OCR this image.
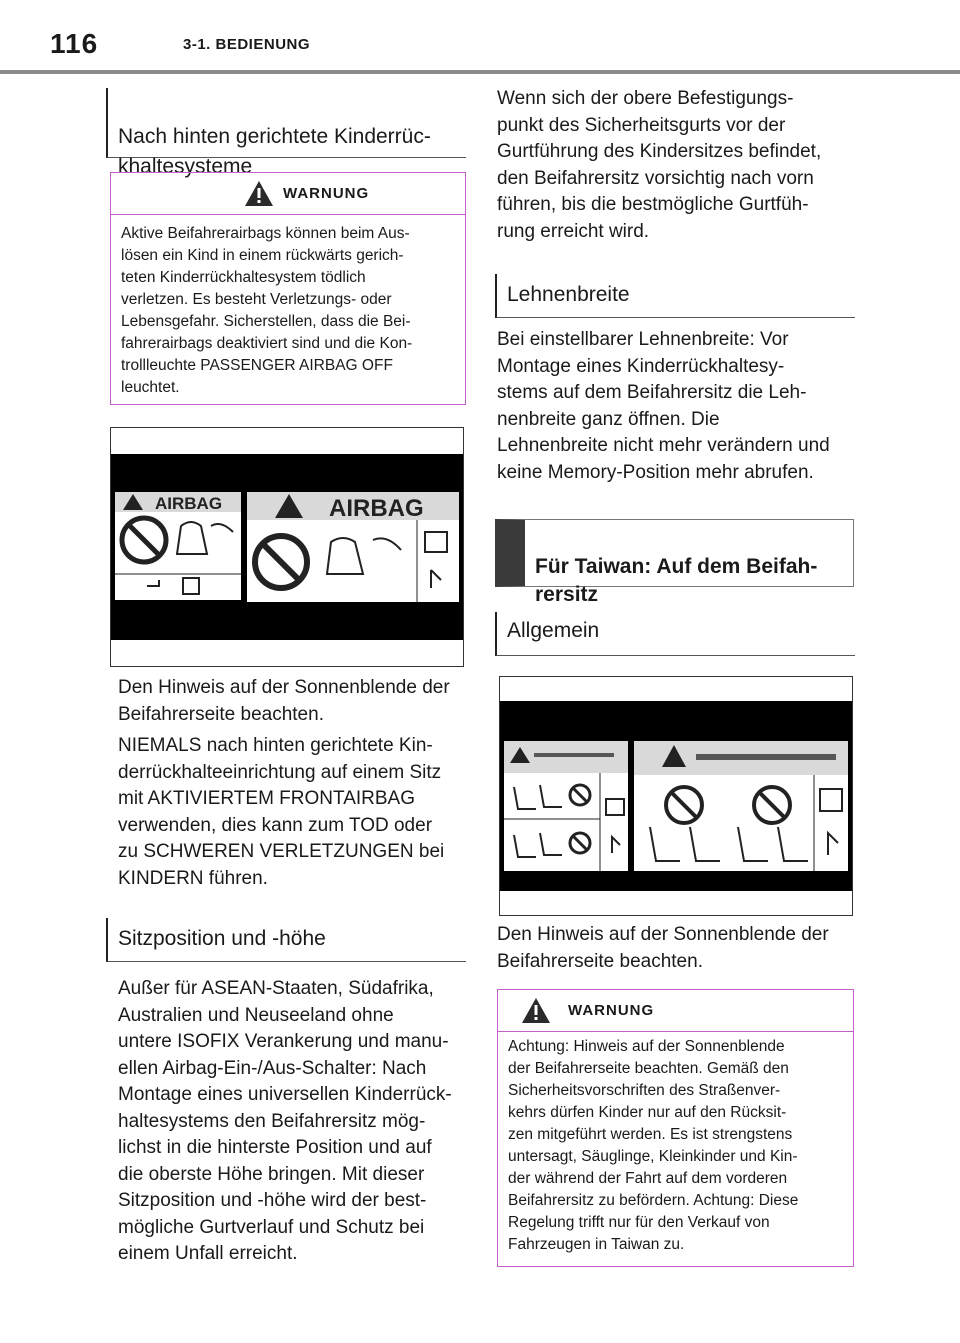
116	3-1. BEDIENUNG

Nach hinten gerichtete Kinderrüc-
khaltesysteme

WARNUNG
Aktive Beifahrerairbags können beim Aus-
lösen ein Kind in einem rückwärts gerich-
teten Kinderrückhaltesystem tödlich
verletzen. Es besteht Verletzungs- oder
Lebensgefahr. Sicherstellen, dass die Bei-
fahrerairbags deaktiviert sind und die Kon-
trollleuchte PASSENGER AIRBAG OFF
leuchtet.
AIRBAG	AIRBAG
Den Hinweis auf der Sonnenblende der
Beifahrerseite beachten.
NIEMALS nach hinten gerichtete Kin-
derrückhalteeinrichtung auf einem Sitz
mit AKTIVIERTEM FRONTAIRBAG
verwenden, dies kann zum TOD oder
zu SCHWEREN VERLETZUNGEN bei
KINDERN führen.
Sitzposition und -höhe
Außer für ASEAN-Staaten, Südafrika,
Australien und Neuseeland ohne
untere ISOFIX Verankerung und manu-
ellen Airbag-Ein-/Aus-Schalter: Nach
Montage eines universellen Kinderrück-
haltesystems den Beifahrersitz mög-
lichst in die hinterste Position und auf
die oberste Höhe bringen. Mit dieser
Sitzposition und -höhe wird der best-
mögliche Gurtverlauf und Schutz bei
einem Unfall erreicht.
Wenn sich der obere Befestigungs-
punkt des Sicherheitsgurts vor der
Gurtführung des Kindersitzes befindet,
den Beifahrersitz vorsichtig nach vorn
führen, bis die bestmögliche Gurtfüh-
rung erreicht wird.
Lehnenbreite
Bei einstellbarer Lehnenbreite: Vor
Montage eines Kinderrückhaltesy-
stems auf dem Beifahrersitz die Leh-
nenbreite ganz öffnen. Die
Lehnenbreite nicht mehr verändern und
keine Memory-Position mehr abrufen.

Für Taiwan: Auf dem Beifah-
rersitz

Allgemein
Den Hinweis auf der Sonnenblende der
Beifahrerseite beachten.
WARNUNG
Achtung: Hinweis auf der Sonnenblende
der Beifahrerseite beachten. Gemäß den
Sicherheitsvorschriften des Straßenver-
kehrs dürfen Kinder nur auf den Rücksit-
zen mitgeführt werden. Es ist strengstens
untersagt, Säuglinge, Kleinkinder und Kin-
der während der Fahrt auf dem vorderen
Beifahrersitz zu befördern. Achtung: Diese
Regelung trifft nur für den Verkauf von
Fahrzeugen in Taiwan zu.
